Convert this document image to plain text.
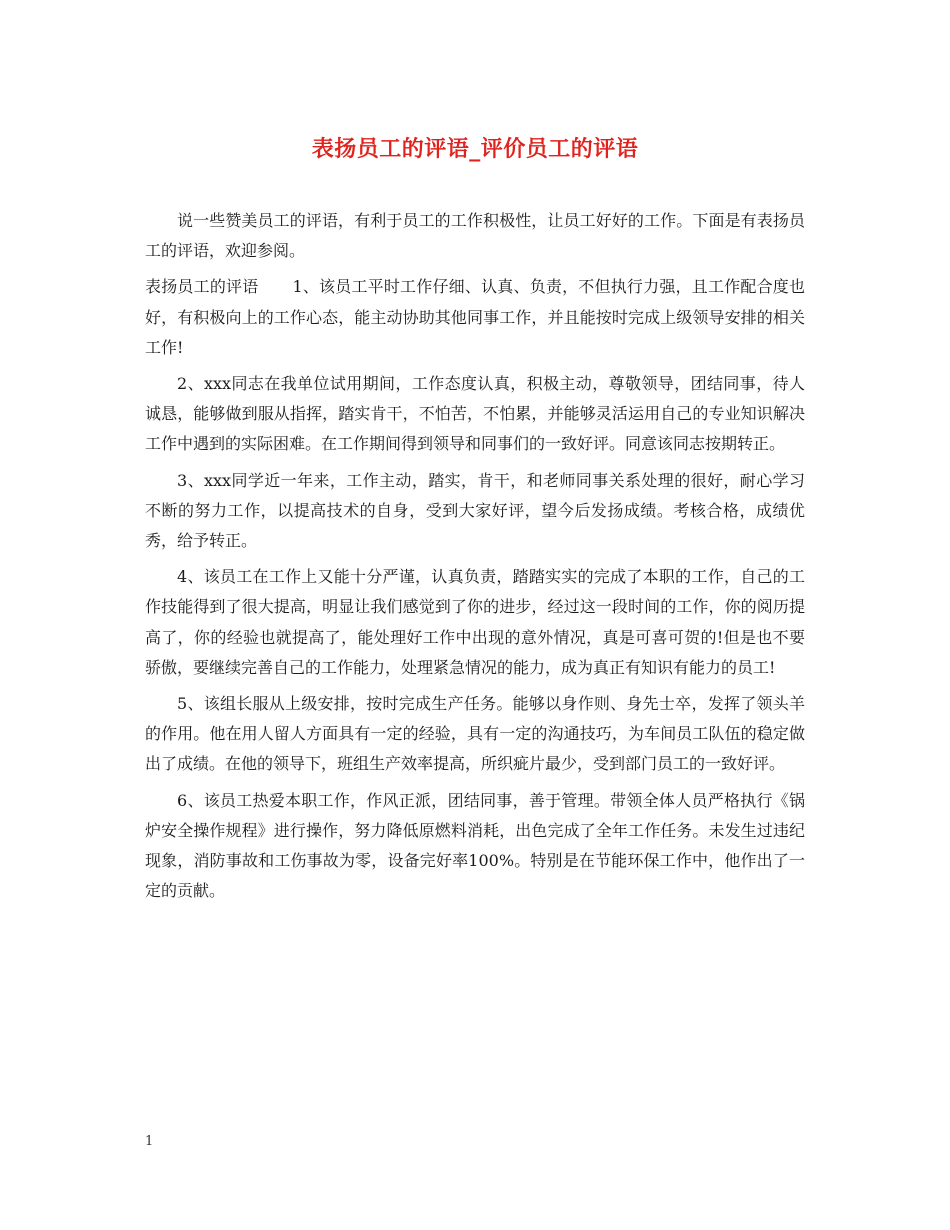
表扬员工的评语_评价员工的评语

说一些赞美员工的评语，有利于员工的工作积极性，让员工好好的工作。下面是有表扬员工的评语，欢迎参阅。

表扬员工的评语 1、该员工平时工作仔细、认真、负责，不但执行力强，且工作配合度也好，有积极向上的工作心态，能主动协助其他同事工作，并且能按时完成上级领导安排的相关工作!

2、xxx同志在我单位试用期间，工作态度认真，积极主动，尊敬领导，团结同事，待人诚恳，能够做到服从指挥，踏实肯干，不怕苦，不怕累，并能够灵活运用自己的专业知识解决工作中遇到的实际困难。在工作期间得到领导和同事们的一致好评。同意该同志按期转正。

3、xxx同学近一年来，工作主动，踏实，肯干，和老师同事关系处理的很好，耐心学习不断的努力工作，以提高技术的自身，受到大家好评，望今后发扬成绩。考核合格，成绩优秀，给予转正。

4、该员工在工作上又能十分严谨，认真负责，踏踏实实的完成了本职的工作，自己的工作技能得到了很大提高，明显让我们感觉到了你的进步，经过这一段时间的工作，你的阅历提高了，你的经验也就提高了，能处理好工作中出现的意外情况，真是可喜可贺的!但是也不要骄傲，要继续完善自己的工作能力，处理紧急情况的能力，成为真正有知识有能力的员工!

5、该组长服从上级安排，按时完成生产任务。能够以身作则、身先士卒，发挥了领头羊的作用。他在用人留人方面具有一定的经验，具有一定的沟通技巧，为车间员工队伍的稳定做出了成绩。在他的领导下，班组生产效率提高，所织疵片最少，受到部门员工的一致好评。

6、该员工热爱本职工作，作风正派，团结同事，善于管理。带领全体人员严格执行《锅炉安全操作规程》进行操作，努力降低原燃料消耗，出色完成了全年工作任务。未发生过违纪现象，消防事故和工伤事故为零，设备完好率100%。特别是在节能环保工作中，他作出了一定的贡献。

1
